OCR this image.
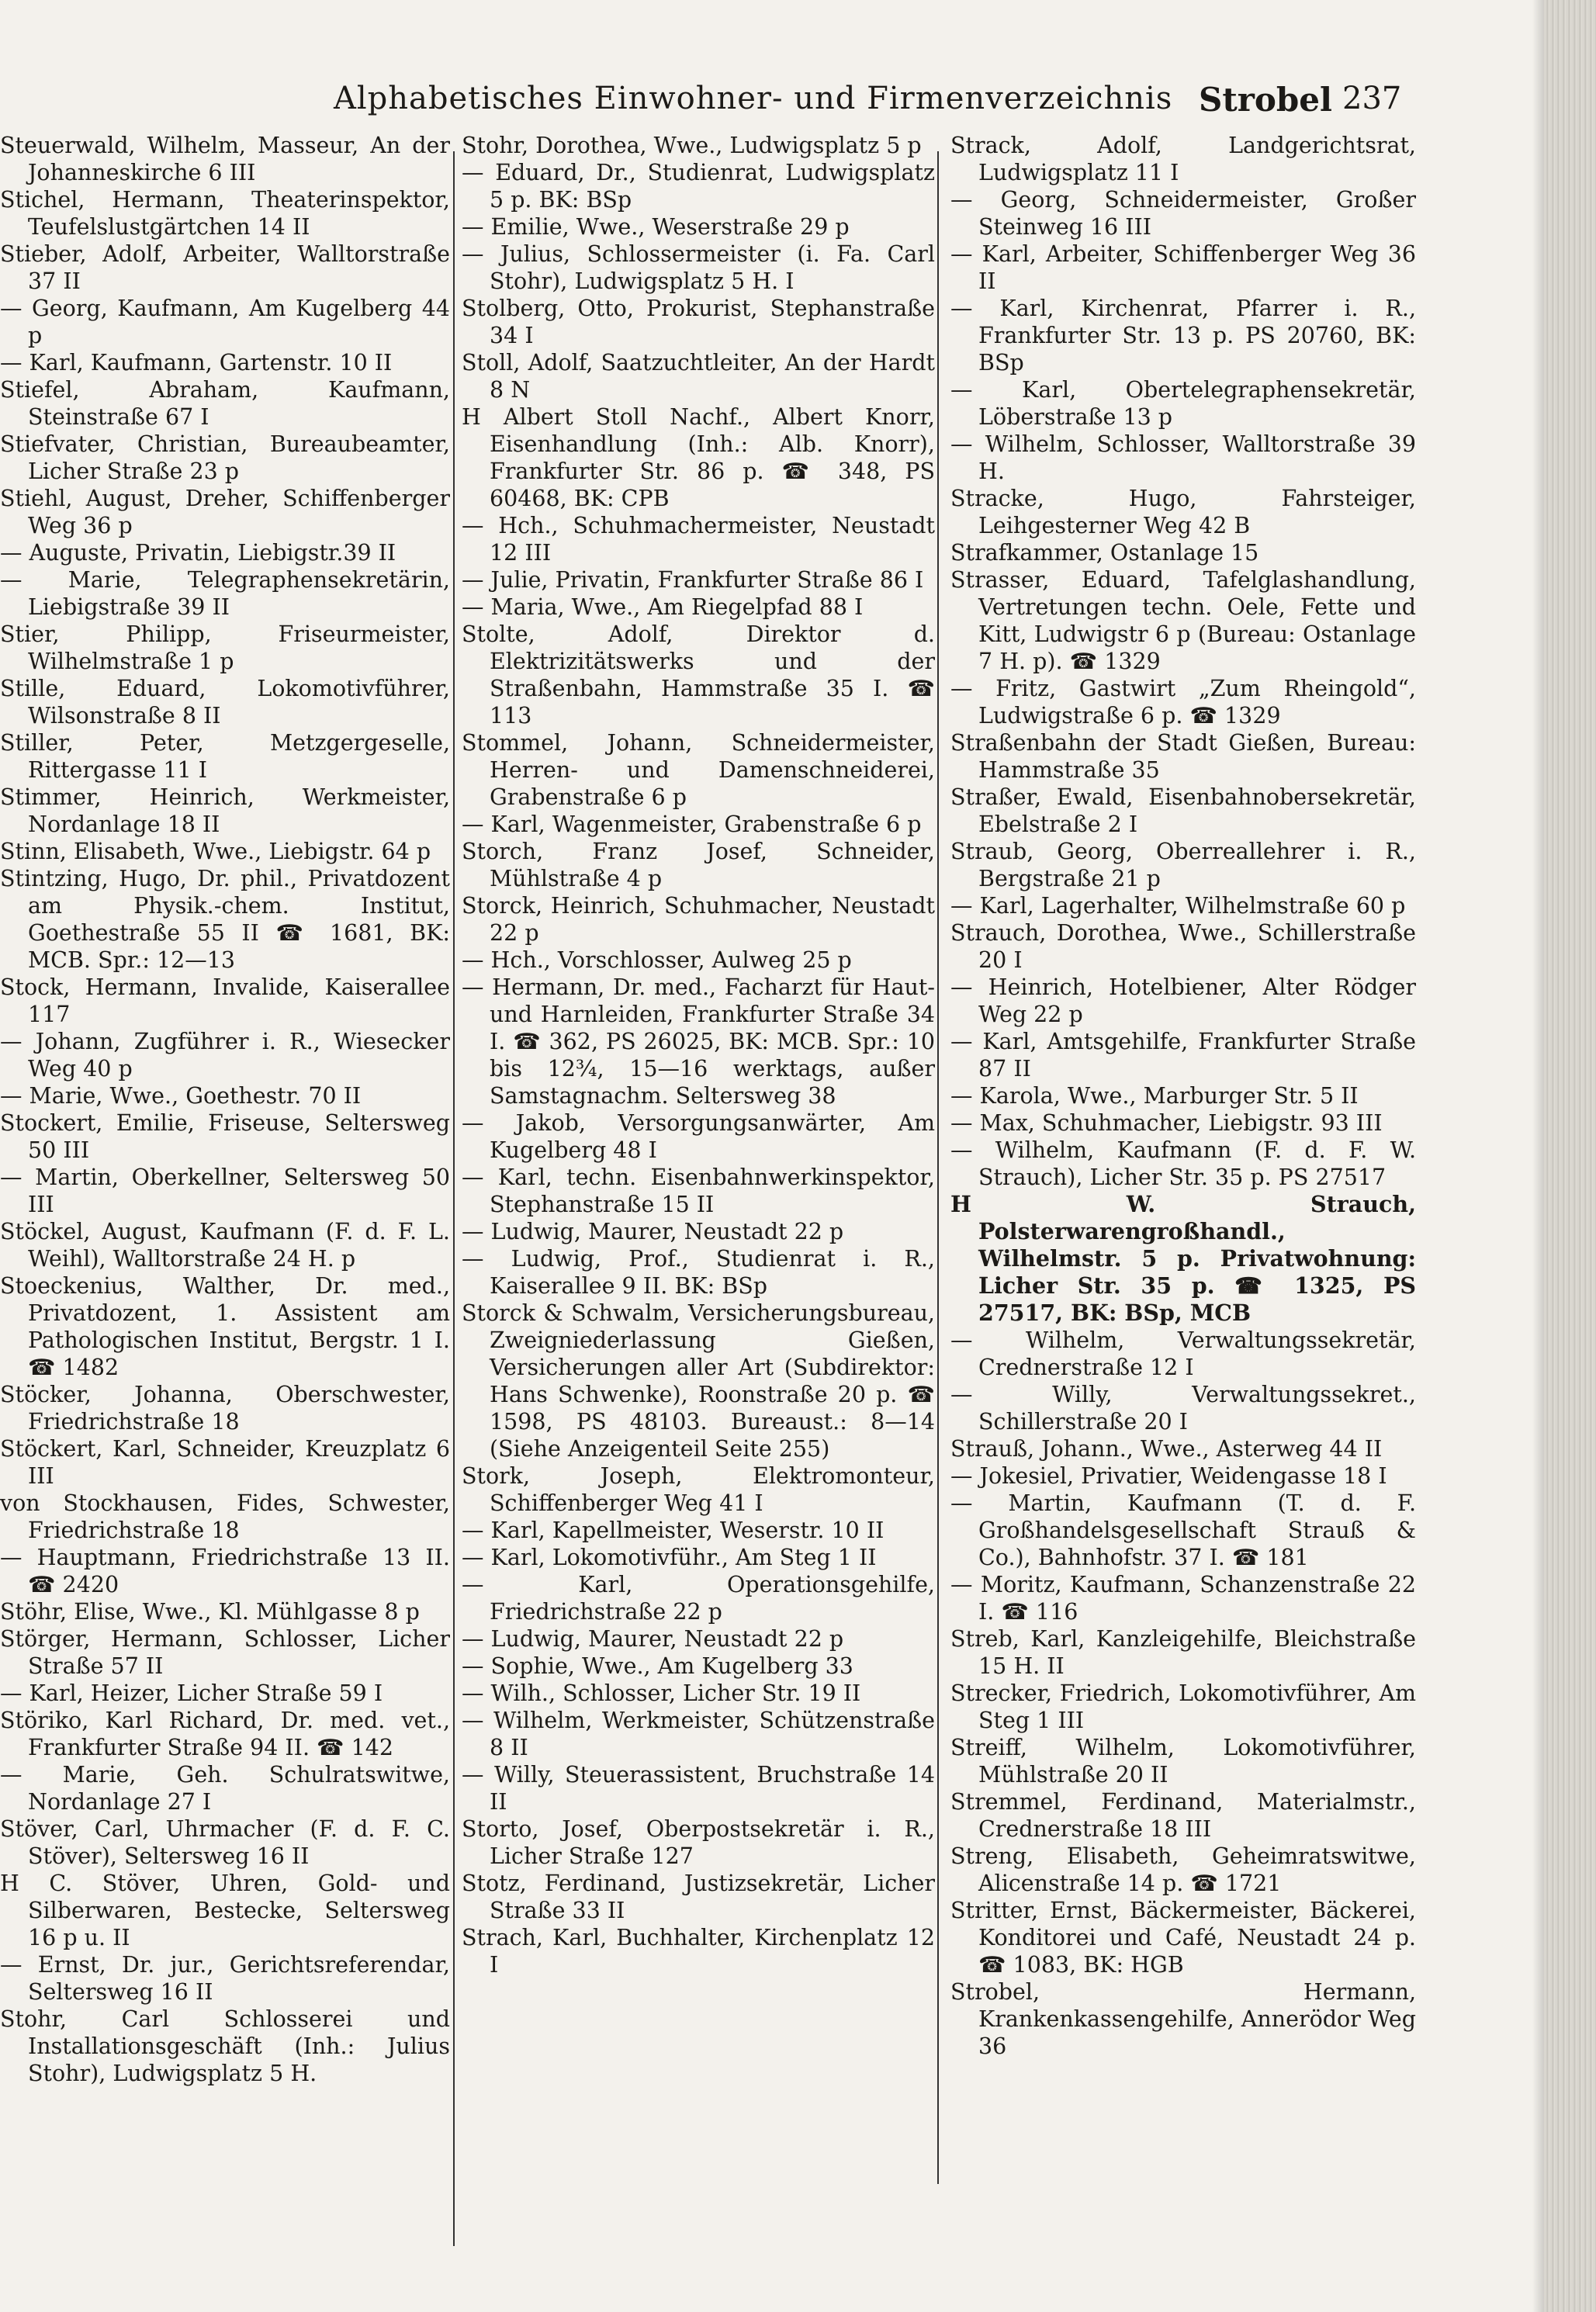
Alphabetisches Einwohner- und Firmenverzeichnis Strobel 237

Steuerwald, Wilhelm, Masseur, An der Johanneskirche 6 III

Stichel, Hermann, Theaterinspektor, Teufelslustgärtchen 14 II

Stieber, Adolf, Arbeiter, Walltorstraße 37 II

— Georg, Kaufmann, Am Kugelberg 44 p

— Karl, Kaufmann, Gartenstr. 10 II

Stiefel, Abraham, Kaufmann, Steinstraße 67 I

Stiefvater, Christian, Bureaubeamter, Licher Straße 23 p

Stiehl, August, Dreher, Schiffenberger Weg 36 p

— Auguste, Privatin, Liebigstr.39 II

— Marie, Telegraphensekretärin, Liebigstraße 39 II

Stier, Philipp, Friseurmeister, Wilhelmstraße 1 p

Stille, Eduard, Lokomotivführer, Wilsonstraße 8 II

Stiller, Peter, Metzgergeselle, Rittergasse 11 I

Stimmer, Heinrich, Werkmeister, Nordanlage 18 II

Stinn, Elisabeth, Wwe., Liebigstr. 64 p

Stintzing, Hugo, Dr. phil., Privatdozent am Physik.-chem. Institut, Goethestraße 55 II ☎ 1681, BK: MCB. Spr.: 12—13

Stock, Hermann, Invalide, Kaiserallee 117

— Johann, Zugführer i. R., Wiesecker Weg 40 p

— Marie, Wwe., Goethestr. 70 II

Stockert, Emilie, Friseuse, Seltersweg 50 III

— Martin, Oberkellner, Seltersweg 50 III

Stöckel, August, Kaufmann (F. d. F. L. Weihl), Walltorstraße 24 H. p

Stoeckenius, Walther, Dr. med., Privatdozent, 1. Assistent am Pathologischen Institut, Bergstr. 1 I. ☎ 1482

Stöcker, Johanna, Oberschwester, Friedrichstraße 18

Stöckert, Karl, Schneider, Kreuzplatz 6 III

von Stockhausen, Fides, Schwester, Friedrichstraße 18

— Hauptmann, Friedrichstraße 13 II. ☎ 2420

Stöhr, Elise, Wwe., Kl. Mühlgasse 8 p

Störger, Hermann, Schlosser, Licher Straße 57 II

— Karl, Heizer, Licher Straße 59 I

Störiko, Karl Richard, Dr. med. vet., Frankfurter Straße 94 II. ☎ 142

— Marie, Geh. Schulratswitwe, Nordanlage 27 I

Stöver, Carl, Uhrmacher (F. d. F. C. Stöver), Seltersweg 16 II

H C. Stöver, Uhren, Gold- und Silberwaren, Bestecke, Seltersweg 16 p u. II

— Ernst, Dr. jur., Gerichtsreferendar, Seltersweg 16 II

Stohr, Carl Schlosserei und Installationsgeschäft (Inh.: Julius Stohr), Ludwigsplatz 5 H.

Stohr, Dorothea, Wwe., Ludwigsplatz 5 p

— Eduard, Dr., Studienrat, Ludwigsplatz 5 p. BK: BSp

— Emilie, Wwe., Weserstraße 29 p

— Julius, Schlossermeister (i. Fa. Carl Stohr), Ludwigsplatz 5 H. I

Stolberg, Otto, Prokurist, Stephanstraße 34 I

Stoll, Adolf, Saatzuchtleiter, An der Hardt 8 N

H Albert Stoll Nachf., Albert Knorr, Eisenhandlung (Inh.: Alb. Knorr), Frankfurter Str. 86 p. ☎ 348, PS 60468, BK: CPB

— Hch., Schuhmachermeister, Neustadt 12 III

— Julie, Privatin, Frankfurter Straße 86 I

— Maria, Wwe., Am Riegelpfad 88 I

Stolte, Adolf, Direktor d. Elektrizitätswerks und der Straßenbahn, Hammstraße 35 I. ☎ 113

Stommel, Johann, Schneidermeister, Herren- und Damenschneiderei, Grabenstraße 6 p

— Karl, Wagenmeister, Grabenstraße 6 p

Storch, Franz Josef, Schneider, Mühlstraße 4 p

Storck, Heinrich, Schuhmacher, Neustadt 22 p

— Hch., Vorschlosser, Aulweg 25 p

— Hermann, Dr. med., Facharzt für Haut- und Harnleiden, Frankfurter Straße 34 I. ☎ 362, PS 26025, BK: MCB. Spr.: 10 bis 12¾, 15—16 werktags, außer Samstagnachm. Seltersweg 38

— Jakob, Versorgungsanwärter, Am Kugelberg 48 I

— Karl, techn. Eisenbahnwerkinspektor, Stephanstraße 15 II

— Ludwig, Maurer, Neustadt 22 p

— Ludwig, Prof., Studienrat i. R., Kaiserallee 9 II. BK: BSp

Storck & Schwalm, Versicherungsbureau, Zweigniederlassung Gießen, Versicherungen aller Art (Subdirektor: Hans Schwenke), Roonstraße 20 p. ☎ 1598, PS 48103. Bureaust.: 8—14 (Siehe Anzeigenteil Seite 255)

Stork, Joseph, Elektromonteur, Schiffenberger Weg 41 I

— Karl, Kapellmeister, Weserstr. 10 II

— Karl, Lokomotivführ., Am Steg 1 II

— Karl, Operationsgehilfe, Friedrichstraße 22 p

— Ludwig, Maurer, Neustadt 22 p

— Sophie, Wwe., Am Kugelberg 33

— Wilh., Schlosser, Licher Str. 19 II

— Wilhelm, Werkmeister, Schützenstraße 8 II

— Willy, Steuerassistent, Bruchstraße 14 II

Storto, Josef, Oberpostsekretär i. R., Licher Straße 127

Stotz, Ferdinand, Justizsekretär, Licher Straße 33 II

Strach, Karl, Buchhalter, Kirchenplatz 12 I

Strack, Adolf, Landgerichtsrat, Ludwigsplatz 11 I

— Georg, Schneidermeister, Großer Steinweg 16 III

— Karl, Arbeiter, Schiffenberger Weg 36 II

— Karl, Kirchenrat, Pfarrer i. R., Frankfurter Str. 13 p. PS 20760, BK: BSp

— Karl, Obertelegraphensekretär, Löberstraße 13 p

— Wilhelm, Schlosser, Walltorstraße 39 H.

Stracke, Hugo, Fahrsteiger, Leihgesterner Weg 42 B

Strafkammer, Ostanlage 15

Strasser, Eduard, Tafelglashandlung, Vertretungen techn. Oele, Fette und Kitt, Ludwigstr 6 p (Bureau: Ostanlage 7 H. p). ☎ 1329

— Fritz, Gastwirt „Zum Rheingold“, Ludwigstraße 6 p. ☎ 1329

Straßenbahn der Stadt Gießen, Bureau: Hammstraße 35

Straßer, Ewald, Eisenbahnobersekretär, Ebelstraße 2 I

Straub, Georg, Oberreallehrer i. R., Bergstraße 21 p

— Karl, Lagerhalter, Wilhelmstraße 60 p

Strauch, Dorothea, Wwe., Schillerstraße 20 I

— Heinrich, Hotelbiener, Alter Rödger Weg 22 p

— Karl, Amtsgehilfe, Frankfurter Straße 87 II

— Karola, Wwe., Marburger Str. 5 II

— Max, Schuhmacher, Liebigstr. 93 III

— Wilhelm, Kaufmann (F. d. F. W. Strauch), Licher Str. 35 p. PS 27517

H W. Strauch, Polsterwarengroßhandl., Wilhelmstr. 5 p. Privatwohnung: Licher Str. 35 p. ☎ 1325, PS 27517, BK: BSp, MCB

— Wilhelm, Verwaltungssekretär, Crednerstraße 12 I

— Willy, Verwaltungssekret., Schillerstraße 20 I

Strauß, Johann., Wwe., Asterweg 44 II

— Jokesiel, Privatier, Weidengasse 18 I

— Martin, Kaufmann (T. d. F. Großhandelsgesellschaft Strauß & Co.), Bahnhofstr. 37 I. ☎ 181

— Moritz, Kaufmann, Schanzenstraße 22 I. ☎ 116

Streb, Karl, Kanzleigehilfe, Bleichstraße 15 H. II

Strecker, Friedrich, Lokomotivführer, Am Steg 1 III

Streiff, Wilhelm, Lokomotivführer, Mühlstraße 20 II

Stremmel, Ferdinand, Materialmstr., Crednerstraße 18 III

Streng, Elisabeth, Geheimratswitwe, Alicenstraße 14 p. ☎ 1721

Stritter, Ernst, Bäckermeister, Bäckerei, Konditorei und Café, Neustadt 24 p. ☎ 1083, BK: HGB

Strobel, Hermann, Krankenkassengehilfe, Annerödor Weg 36
